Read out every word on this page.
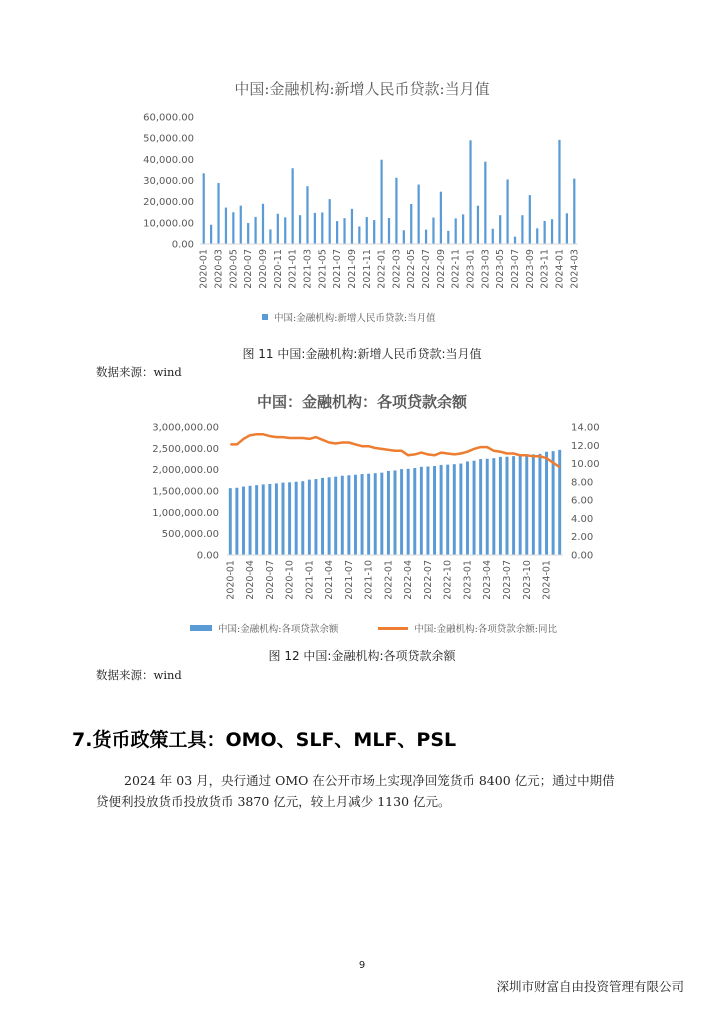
中国:金融机构:新增人民币贷款:当月值
0.00
10,000.00
20,000.00
30,000.00
40,000.00
50,000.00
60,000.00
2020-01 2020-03 2020-05 2020-07 2020-09 2020-11 2021-01 2021-03 2021-05 2021-07 2021-09 2021-11 2022-01 2022-03 2022-05 2022-07 2022-09 2022-11 2023-01 2023-03 2023-05 2023-07 2023-09 2023-11 2024-01 2024-03
中国:金融机构:新增人民币贷款:当月值
图 11 中国:金融机构:新增人民币贷款:当月值
数据来源：wind
中国：金融机构：各项贷款余额
0.00
500,000.00
1,000,000.00
1,500,000.00
2,000,000.00
2,500,000.00
3,000,000.00
0.00
2.00
4.00
6.00
8.00
10.00
12.00
14.00
2020-01 2020-04 2020-07 2020-10 2021-01 2021-04 2021-07 2021-10 2022-01 2022-04 2022-07 2022-10 2023-01 2023-04 2023-07 2023-10 2024-01
中国:金融机构:各项贷款余额	中国:金融机构:各项贷款余额:同比
图 12 中国:金融机构:各项贷款余额
数据来源：wind
7.货币政策工具：OMO、SLF、MLF、PSL
2024 年 03 月，央行通过 OMO 在公开市场上实现净回笼货币 8400 亿元；通过中期借
贷便利投放货币投放货币 3870 亿元，较上月减少 1130 亿元。
9
深圳市财富自由投资管理有限公司
